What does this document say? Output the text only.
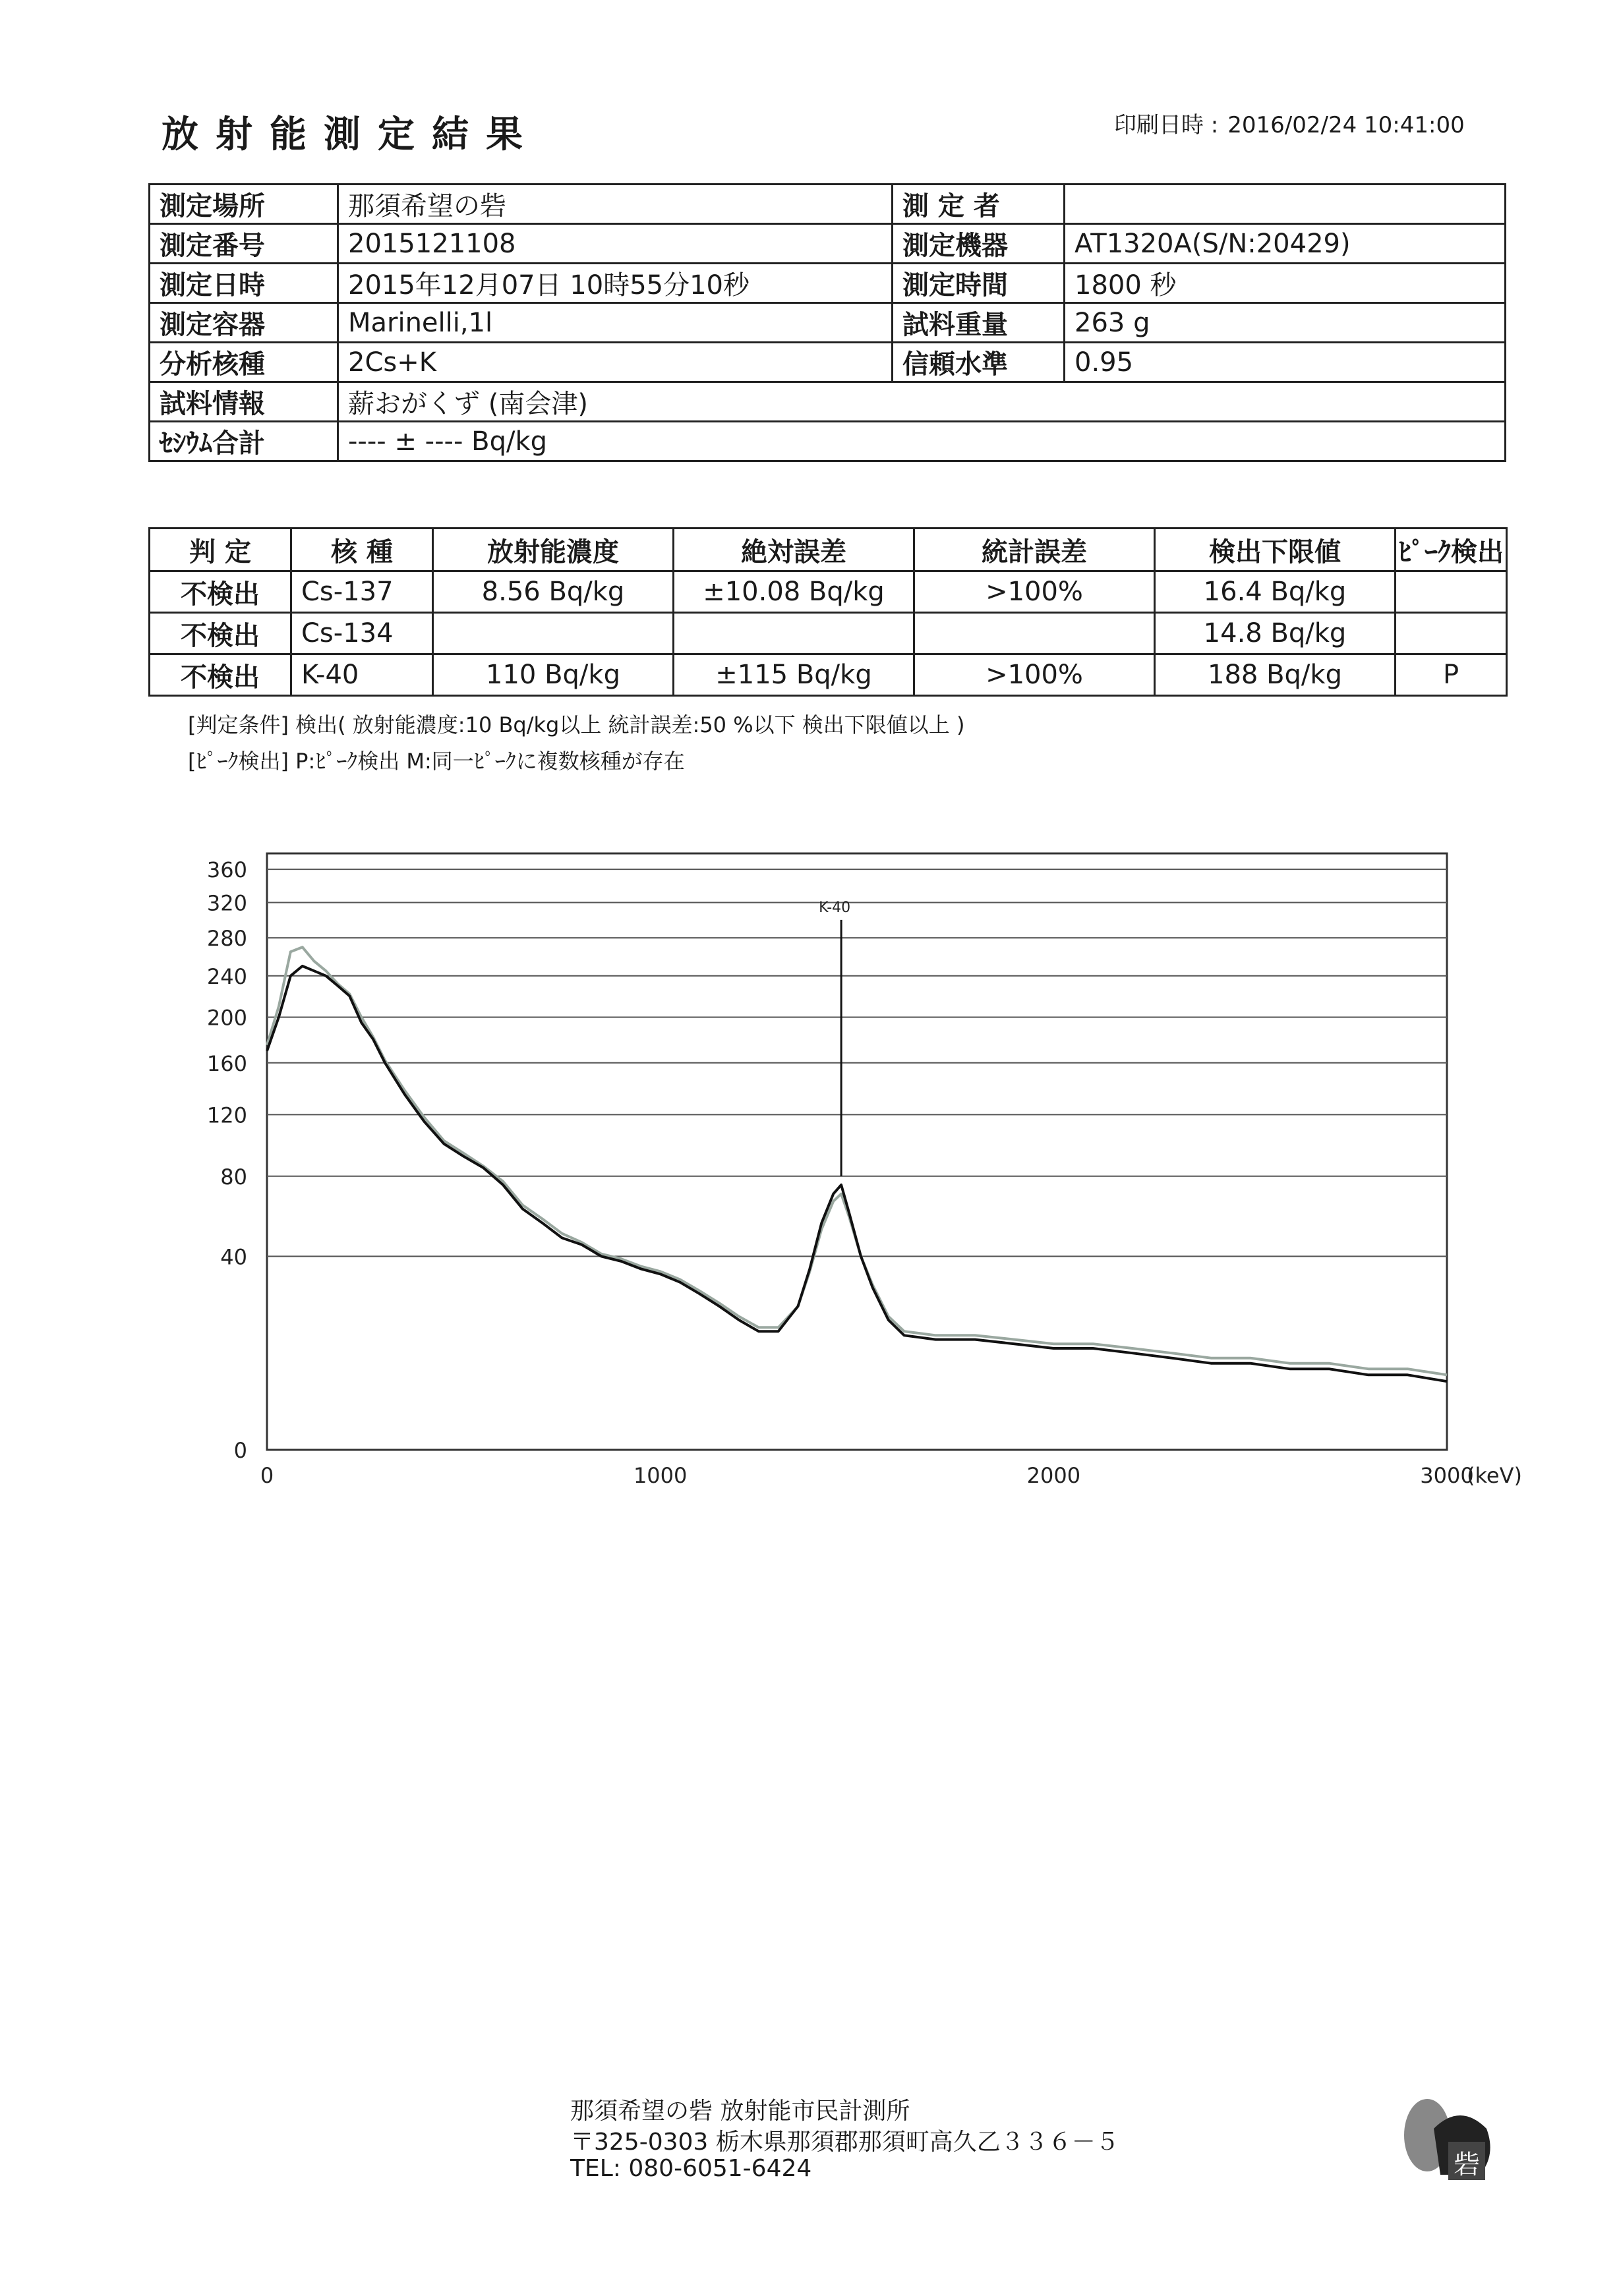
放射能測定結果	印刷日時 : 2016/02/24 10:41:00
測定場所	那須希望の砦	測 定 者	
測定番号	2015121108	測定機器	AT1320A(S/N:20429)
測定日時	2015年12月07日 10時55分10秒	測定時間	1800 秒
測定容器	Marinelli,1l	試料重量	263 g
分析核種	2Cs+K	信頼水準	0.95
試料情報	薪おがくず (南会津)		
ｾｼｳﾑ合計	---- ± ---- Bq/kg		
判 定	核 種	放射能濃度	絶対誤差	統計誤差	検出下限値	ﾋﾟｰｸ検出
不検出	Cs-137	8.56 Bq/kg	±10.08 Bq/kg	>100%	16.4 Bq/kg	
不検出	Cs-134				14.8 Bq/kg	
不検出	K-40	110 Bq/kg	±115 Bq/kg	>100%	188 Bq/kg	P
[判定条件] 検出( 放射能濃度:10 Bq/kg以上 統計誤差:50 %以下 検出下限値以上 )
[ﾋﾟｰｸ検出] P:ﾋﾟｰｸ検出 M:同一ﾋﾟｰｸに複数核種が存在
0
40
80
120
160
200
240
280
320
360
0	1000	2000	3000
(keV)
K-40
那須希望の砦 放射能市民計測所
〒325-0303 栃木県那須郡那須町高久乙３３６－５
TEL: 080-6051-6424	砦
